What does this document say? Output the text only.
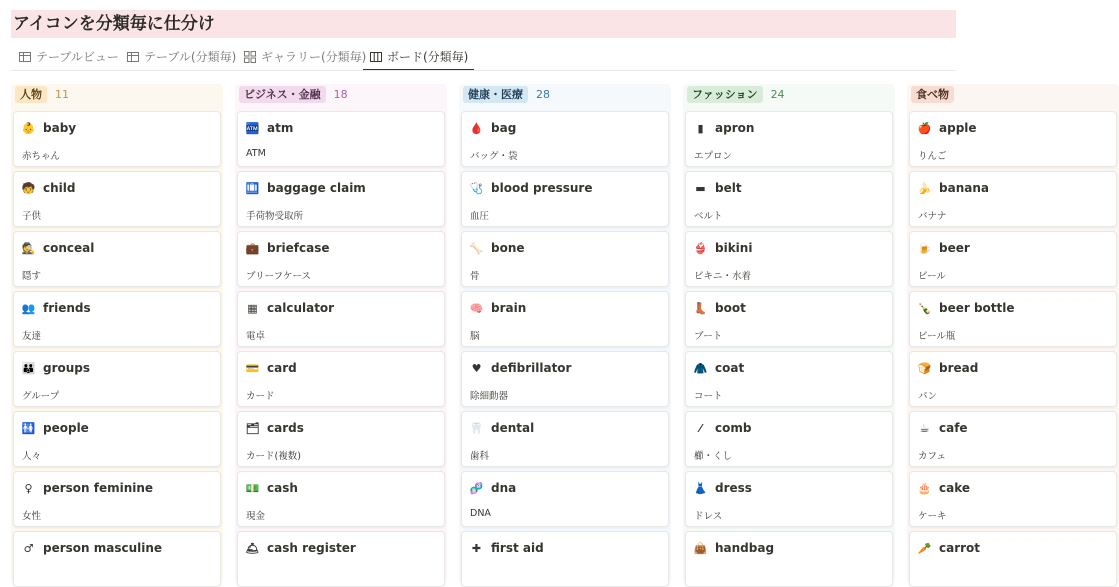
アイコンを分類毎に仕分け
テーブルビュー テーブル(分類毎) ギャラリー(分類毎) ボード(分類毎)
人物	11
👶 baby
赤ちゃん
🧒 child
子供
🕵 conceal
隠す
👥 friends
友達
👪 groups
グループ
🚻 people
人々
♀ person feminine
女性
♂ person masculine
ビジネス・金融	18
🏧 atm
ATM
🛄 baggage claim
手荷物受取所
💼 briefcase
ブリーフケース
▦ calculator
電卓
💳 card
カード
🗂 cards
カード(複数)
💵 cash
現金
🛎 cash register
健康・医療	28
🩸 bag
バッグ・袋
🩺 blood pressure
血圧
🦴 bone
骨
🧠 brain
脳
♥ defibrillator
除細動器
🦷 dental
歯科
🧬 dna
DNA
✚ first aid
ファッション	24
▮ apron
エプロン
▬ belt
ベルト
👙 bikini
ビキニ・水着
👢 boot
ブート
🧥 coat
コート
⁄	comb
櫛・くし
👗 dress
ドレス
👜 handbag
食べ物
🍎 apple
りんご
🍌 banana
バナナ
🍺 beer
ビール
🍾 beer bottle
ビール瓶
🍞 bread
パン
☕ cafe
カフェ
🎂 cake
ケーキ
🥕 carrot
